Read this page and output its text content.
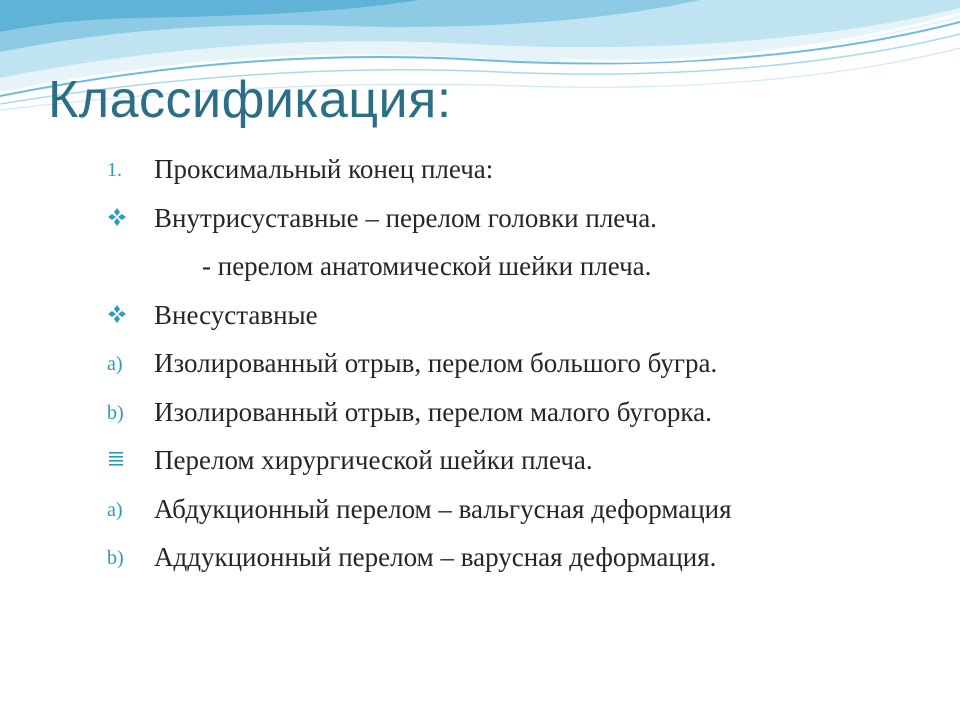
Классификация:
1.	Проксимальный конец плеча:
Внутрисуставные – перелом головки плеча.
- перелом анатомической шейки плеча.
Внесуставные
a)	Изолированный отрыв, перелом большого бугра.
b)	Изолированный отрыв, перелом малого бугорка.
Перелом хирургической шейки плеча.
a)	Абдукционный перелом – вальгусная деформация
b)	Аддукционный перелом – варусная деформация.
